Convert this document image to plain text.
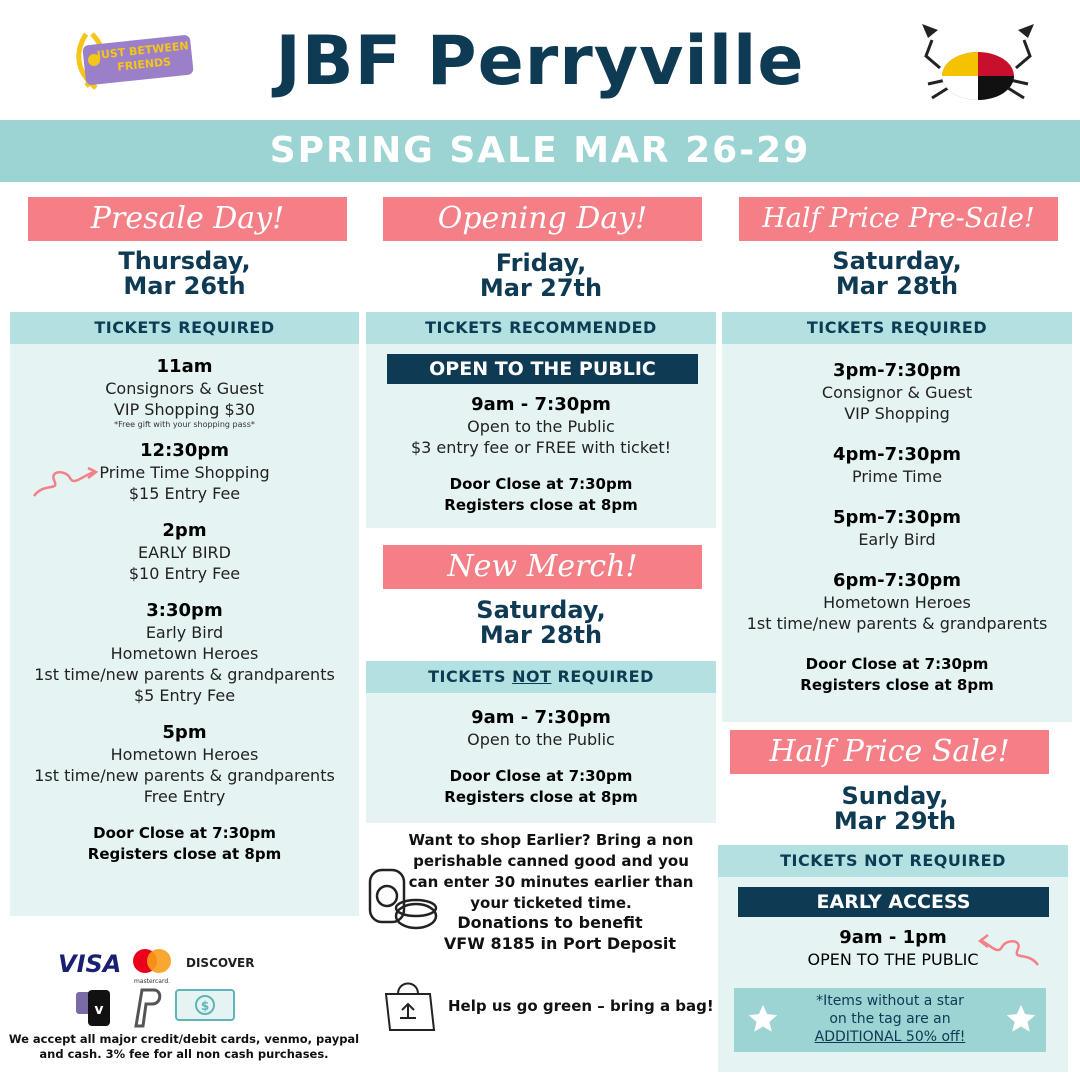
JUST BETWEEN FRIENDS	JBF Perryville
SPRING SALE MAR 26-29
Presale Day!
Thursday,
Mar 26th
TICKETS REQUIRED
11am
Consignors & Guest
VIP Shopping $30
*Free gift with your shopping pass*
12:30pm
Prime Time Shopping
$15 Entry Fee
2pm
EARLY BIRD
$10 Entry Fee
3:30pm
Early Bird
Hometown Heroes
1st time/new parents & grandparents
$5 Entry Fee
5pm
Hometown Heroes
1st time/new parents & grandparents
Free Entry
Door Close at 7:30pm
Registers close at 8pm
VISA
mastercard.
DISCOVER
v	$
We accept all major credit/debit cards, venmo, paypal and cash. 3% fee for all non cash purchases.
Opening Day!
Friday,
Mar 27th
TICKETS RECOMMENDED
OPEN TO THE PUBLIC
9am - 7:30pm
Open to the Public
$3 entry fee or FREE with ticket!
Door Close at 7:30pm
Registers close at 8pm
New Merch!
Saturday,
Mar 28th
TICKETS NOT REQUIRED
9am - 7:30pm
Open to the Public
Door Close at 7:30pm
Registers close at 8pm
Want to shop Earlier? Bring a non perishable canned good and you can enter 30 minutes earlier than your ticketed time.
Donations to benefit
VFW 8185 in Port Deposit
Help us go green – bring a bag!
Half Price Pre-Sale!
Saturday,
Mar 28th
TICKETS REQUIRED
3pm-7:30pm
Consignor & Guest
VIP Shopping
4pm-7:30pm
Prime Time
5pm-7:30pm
Early Bird
6pm-7:30pm
Hometown Heroes
1st time/new parents & grandparents
Door Close at 7:30pm
Registers close at 8pm
Half Price Sale!
Sunday,
Mar 29th
TICKETS NOT REQUIRED
EARLY ACCESS
9am - 1pm
OPEN TO THE PUBLIC
*Items without a star
on the tag are an
ADDITIONAL 50% off!
